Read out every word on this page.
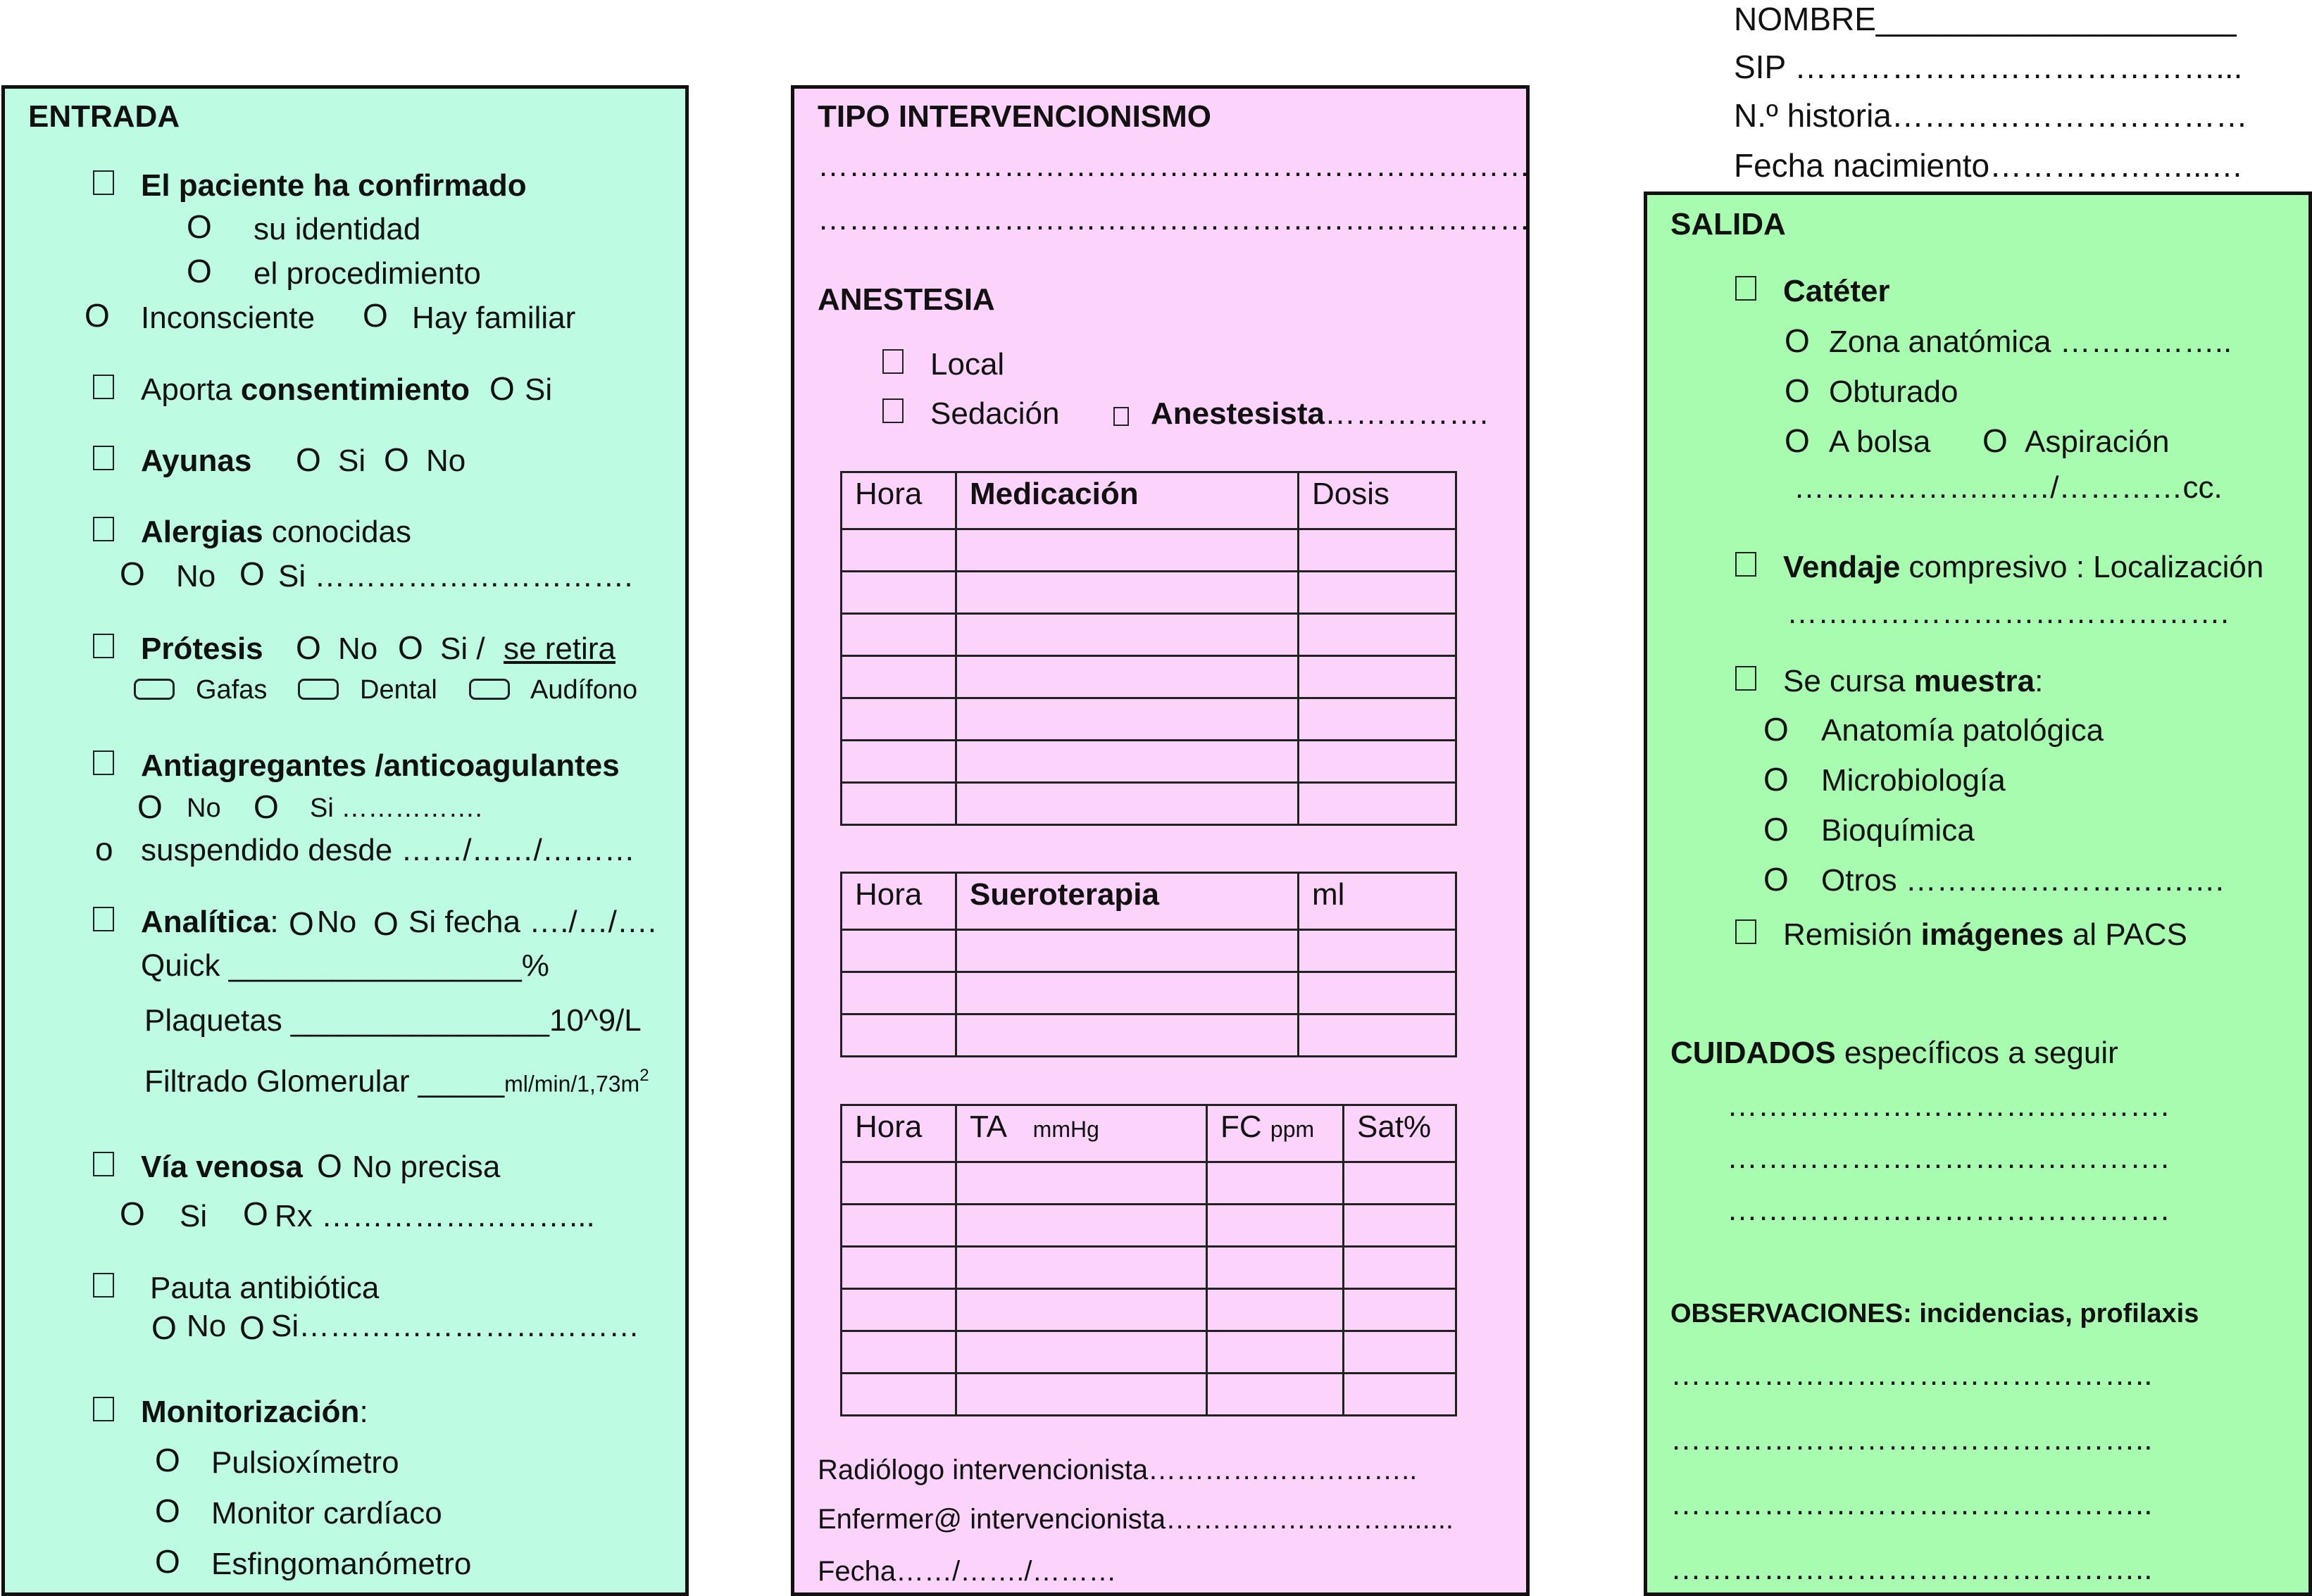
NOMBRE____________________
SIP …………………………………...
N.º historia……………………………
Fecha nacimiento………………...…
ENTRADA
El paciente ha confirmado
O su identidad
O el procedimiento
O Inconsciente O Hay familiar
Aporta consentimiento O Si
Ayunas O Si O No
Alergias conocidas
O No O Si ………………………….
Prótesis O No O Si / se retira
Gafas	Dental	Audífono
Antiagregantes /anticoagulantes
O No O Si …………….
o suspendido desde ……/……/………
Analítica: O No O Si fecha …./…/….
Quick _________________%
Plaquetas _______________10^9/L
Filtrado Glomerular $\_\_\_\_\_ml/\min/1,73m^2$
Vía venosa O No precisa
O Si O Rx ……………………...
Pauta antibiótica
O No O Si……………………………
Monitorización:
O Pulsioxímetro
O Monitor cardíaco
O Esfingomanómetro
TIPO INTERVENCIONISMO
……………………………………………………………
……………………………………………………………
ANESTESIA
Local
Sedación	Anestesista…………….
Hora	Medicación	Dosis

Hora	Sueroterapia	ml

Hora	TA mmHg	FC ppm	Sat%

Radiólogo intervencionista………………………..
Enfermer@ intervencionista……………………........
Fecha……/……./………
SALIDA
Catéter
O Zona anatómica ……………..
O Obturado
O A bolsa O Aspiración
……………….……/…………cc.
Vendaje compresivo : Localización
…………………………………….
Se cursa muestra:
O Anatomía patológica
O Microbiología
O Bioquímica
O Otros ………………………….
Remisión imágenes al PACS
CUIDADOS específicos a seguir
…………………………………….
…………………………………….
…………………………………….
OBSERVACIONES: incidencias, profilaxis
………………………………………..
………………………………………..
………………………………………..
………………………………………..
